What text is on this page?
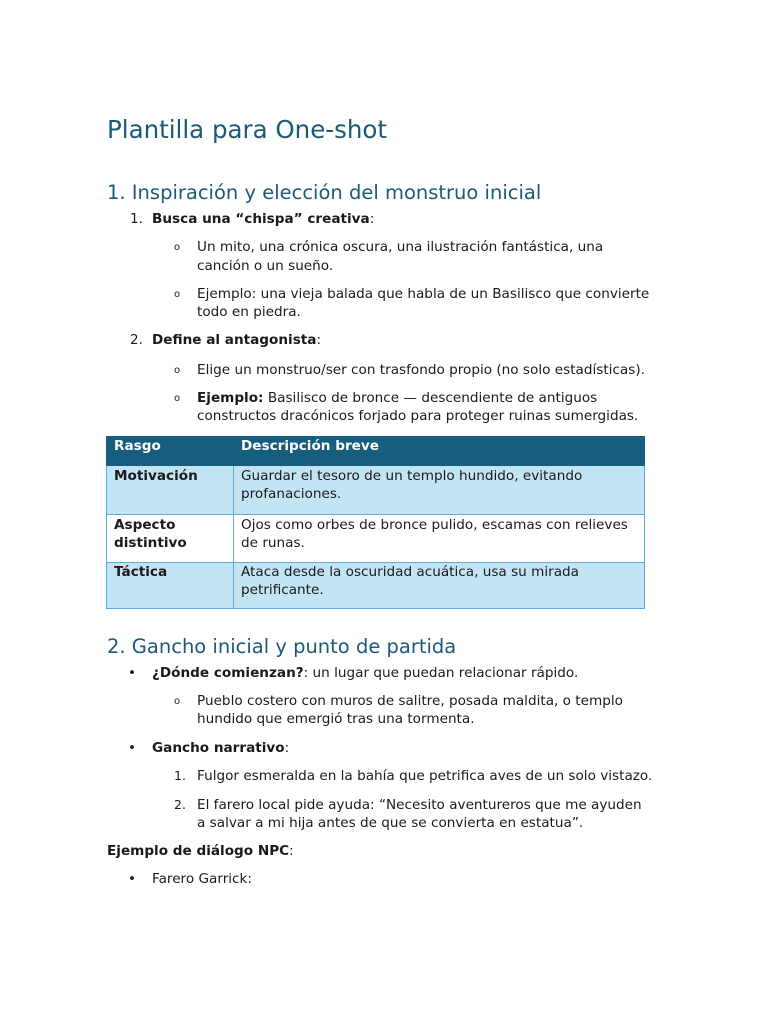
Plantilla para One-shot
1. Inspiración y elección del monstruo inicial
1. Busca una “chispa” creativa:
o Un mito, una crónica oscura, una ilustración fantástica, una
canción o un sueño.
o Ejemplo: una vieja balada que habla de un Basilisco que convierte
todo en piedra.
2. Define al antagonista:
o Elige un monstruo/ser con trasfondo propio (no solo estadísticas).
o Ejemplo: Basilisco de bronce — descendiente de antiguos
constructos dracónicos forjado para proteger ruinas sumergidas.
Rasgo	Descripción breve
Motivación	Guardar el tesoro de un templo hundido, evitando profanaciones.
Aspecto distintivo	Ojos como orbes de bronce pulido, escamas con relieves de runas.
Táctica	Ataca desde la oscuridad acuática, usa su mirada petrificante.
2. Gancho inicial y punto de partida
• ¿Dónde comienzan?: un lugar que puedan relacionar rápido.
o Pueblo costero con muros de salitre, posada maldita, o templo
hundido que emergió tras una tormenta.
• Gancho narrativo:
1. Fulgor esmeralda en la bahía que petrifica aves de un solo vistazo.
2. El farero local pide ayuda: “Necesito aventureros que me ayuden
a salvar a mi hija antes de que se convierta en estatua”.
Ejemplo de diálogo NPC:
• Farero Garrick:
